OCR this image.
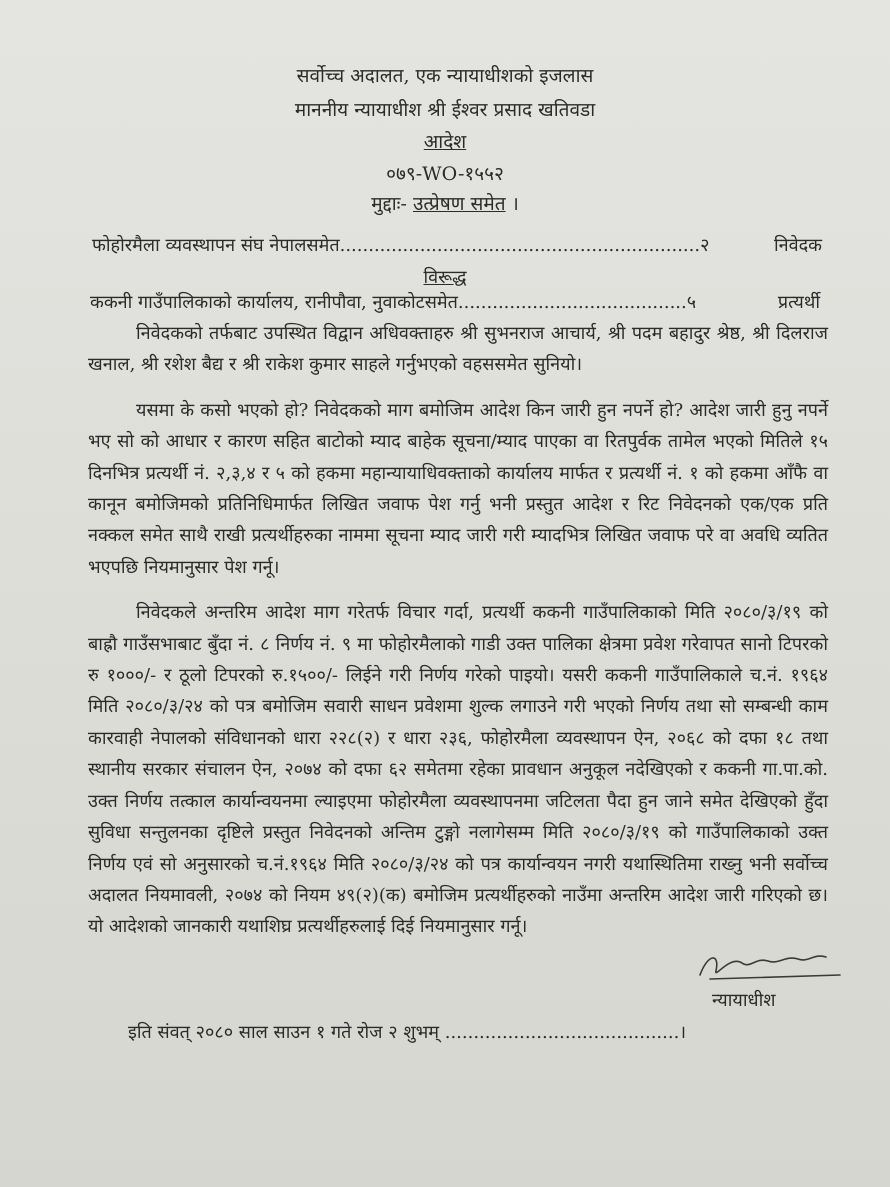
सर्वोच्च अदालत, एक न्यायाधीशको इजलास
माननीय न्यायाधीश श्री ईश्वर प्रसाद खतिवडा
आदेश
०७९-WO-१५५२
मुद्दाः- उत्प्रेषण समेत ।
फोहोरमैला व्यवस्थापन संघ नेपालसमेत...............................................................२	निवेदक
विरूद्ध
ककनी गाउँपालिकाको कार्यालय, रानीपौवा, नुवाकोटसमेत........................................५	प्रत्यर्थी

निवेदकको तर्फबाट उपस्थित विद्वान अधिवक्ताहरु श्री सुभनराज आचार्य, श्री पदम बहादुर श्रेष्ठ, श्री दिलराज खनाल, श्री रशेश बैद्य र श्री राकेश कुमार साहले गर्नुभएको वहससमेत सुनियो।

यसमा के कसो भएको हो? निवेदकको माग बमोजिम आदेश किन जारी हुन नपर्ने हो? आदेश जारी हुनु नपर्ने भए सो को आधार र कारण सहित बाटोको म्याद बाहेक सूचना/म्याद पाएका वा रितपुर्वक तामेल भएको मितिले १५ दिनभित्र प्रत्यर्थी नं. २,३,४ र ५ को हकमा महान्यायाधिवक्ताको कार्यालय मार्फत र प्रत्यर्थी नं. १ को हकमा आँफै वा कानून बमोजिमको प्रतिनिधिमार्फत लिखित जवाफ पेश गर्नु भनी प्रस्तुत आदेश र रिट निवेदनको एक/एक प्रति नक्कल समेत साथै राखी प्रत्यर्थीहरुका नाममा सूचना म्याद जारी गरी म्यादभित्र लिखित जवाफ परे वा अवधि व्यतित भएपछि नियमानुसार पेश गर्नू।

निवेदकले अन्तरिम आदेश माग गरेतर्फ विचार गर्दा, प्रत्यर्थी ककनी गाउँपालिकाको मिति २०८०/३/१९ को बाह्रौ गाउँसभाबाट बुँदा नं. ८ निर्णय नं. ९ मा फोहोरमैलाको गाडी उक्त पालिका क्षेत्रमा प्रवेश गरेवापत सानो टिपरको रु १०००/- र ठूलो टिपरको रु.१५००/- लिईने गरी निर्णय गरेको पाइयो। यसरी ककनी गाउँपालिकाले च.नं. १९६४ मिति २०८०/३/२४ को पत्र बमोजिम सवारी साधन प्रवेशमा शुल्क लगाउने गरी भएको निर्णय तथा सो सम्बन्धी काम कारवाही नेपालको संविधानको धारा २२८(२) र धारा २३६, फोहोरमैला व्यवस्थापन ऐन, २०६८ को दफा १८ तथा स्थानीय सरकार संचालन ऐन, २०७४ को दफा ६२ समेतमा रहेका प्रावधान अनुकूल नदेखिएको र ककनी गा.पा.को. उक्त निर्णय तत्काल कार्यान्वयनमा ल्याइएमा फोहोरमैला व्यवस्थापनमा जटिलता पैदा हुन जाने समेत देखिएको हुँदा सुविधा सन्तुलनका दृष्टिले प्रस्तुत निवेदनको अन्तिम टुङ्गो नलागेसम्म मिति २०८०/३/१९ को गाउँपालिकाको उक्त निर्णय एवं सो अनुसारको च.नं.१९६४ मिति २०८०/३/२४ को पत्र कार्यान्वयन नगरी यथास्थितिमा राख्नु भनी सर्वोच्च अदालत नियमावली, २०७४ को नियम ४९(२)(क) बमोजिम प्रत्यर्थीहरुको नाउँमा अन्तरिम आदेश जारी गरिएको छ। यो आदेशको जानकारी यथाशिघ्र प्रत्यर्थीहरुलाई दिई नियमानुसार गर्नू।

न्यायाधीश
इति संवत् २०८० साल साउन १ गते रोज २ शुभम् .........................................।
